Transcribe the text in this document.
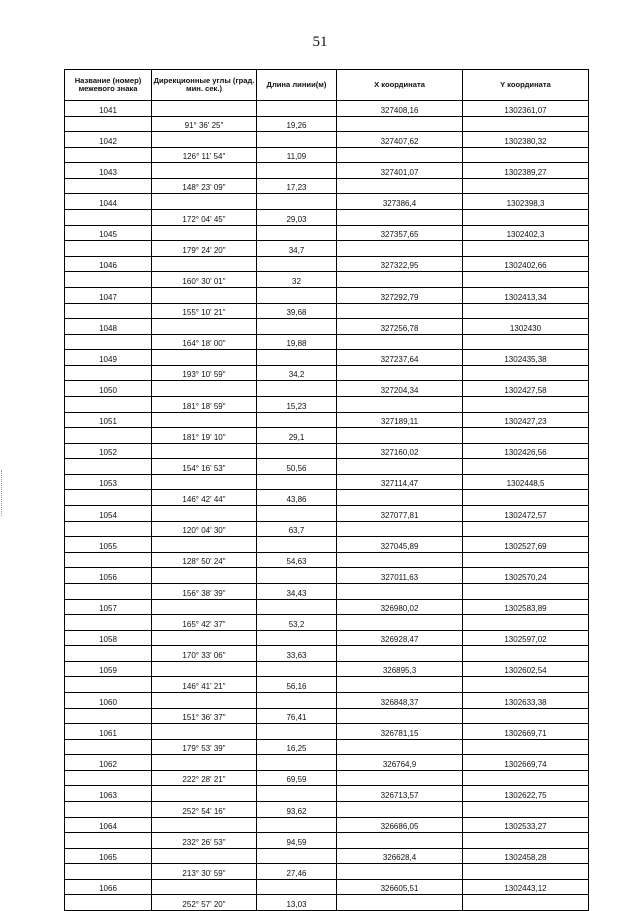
51
Название (номер) межевого знака	Дирекционные углы (град. мин. сек.)	Длина линии(м)	X координата	Y координата
1041			327408,16	1302361,07
	91° 36' 25"	19,26		
1042			327407,62	1302380,32
	126° 11' 54"	11,09		
1043			327401,07	1302389,27
	148° 23' 09"	17,23		
1044			327386,4	1302398,3
	172° 04' 45"	29,03		
1045			327357,65	1302402,3
	179° 24' 20"	34,7		
1046			327322,95	1302402,66
	160° 30' 01"	32		
1047			327292,79	1302413,34
	155° 10' 21"	39,68		
1048			327256,78	1302430
	164° 18' 00"	19,88		
1049			327237,64	1302435,38
	193° 10' 59"	34,2		
1050			327204,34	1302427,58
	181° 18' 59"	15,23		
1051			327189,11	1302427,23
	181° 19' 10"	29,1		
1052			327160,02	1302426,56
	154° 16' 53"	50,56		
1053			327114,47	1302448,5
	146° 42' 44"	43,86		
1054			327077,81	1302472,57
	120° 04' 30"	63,7		
1055			327045,89	1302527,69
	128° 50' 24"	54,63		
1056			327011,63	1302570,24
	156° 38' 39"	34,43		
1057			326980,02	1302583,89
	165° 42' 37"	53,2		
1058			326928,47	1302597,02
	170° 33' 06"	33,63		
1059			326895,3	1302602,54
	146° 41' 21"	56,16		
1060			326848,37	1302633,38
	151° 36' 37"	76,41		
1061			326781,15	1302669,71
	179° 53' 39"	16,25		
1062			326764,9	1302669,74
	222° 28' 21"	69,59		
1063			326713,57	1302622,75
	252° 54' 16"	93,62		
1064			326686,05	1302533,27
	232° 26' 53"	94,59		
1065			326628,4	1302458,28
	213° 30' 59"	27,46		
1066			326605,51	1302443,12
	252° 57' 20"	13,03		
